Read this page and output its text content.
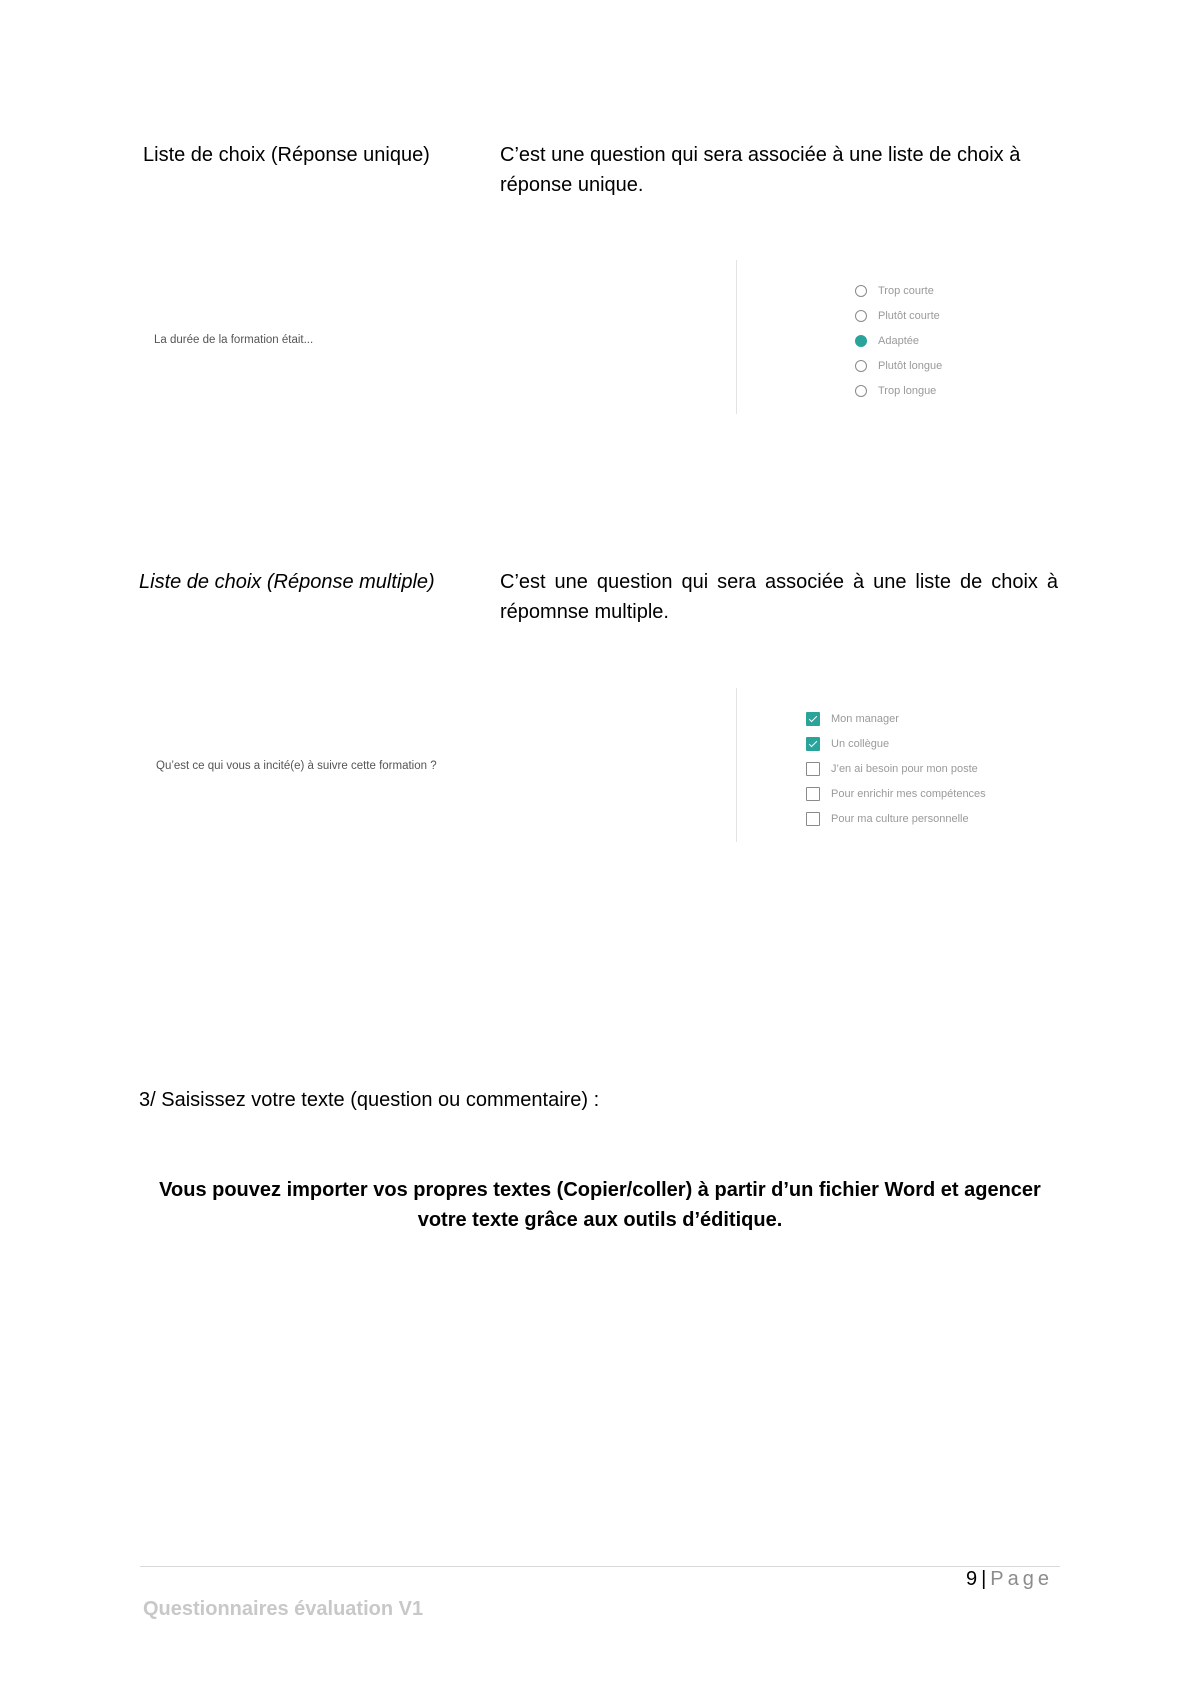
Liste de choix (Réponse unique)	C’est une question qui sera associée à une liste de choix à réponse unique.
La durée de la formation était...
Trop courte
Plutôt courte
Adaptée
Plutôt longue
Trop longue
Liste de choix (Réponse multiple)	C’est une question qui sera associée à une liste de choix à répomnse multiple.
Qu’est ce qui vous a incité(e) à suivre cette formation ?
Mon manager
Un collègue
J’en ai besoin pour mon poste
Pour enrichir mes compétences
Pour ma culture personnelle
3/ Saisissez votre texte (question ou commentaire) :
Vous pouvez importer vos propres textes (Copier/coller) à partir d’un fichier Word et agencer votre texte grâce aux outils d’éditique.
9 | Page
Questionnaires évaluation V1
